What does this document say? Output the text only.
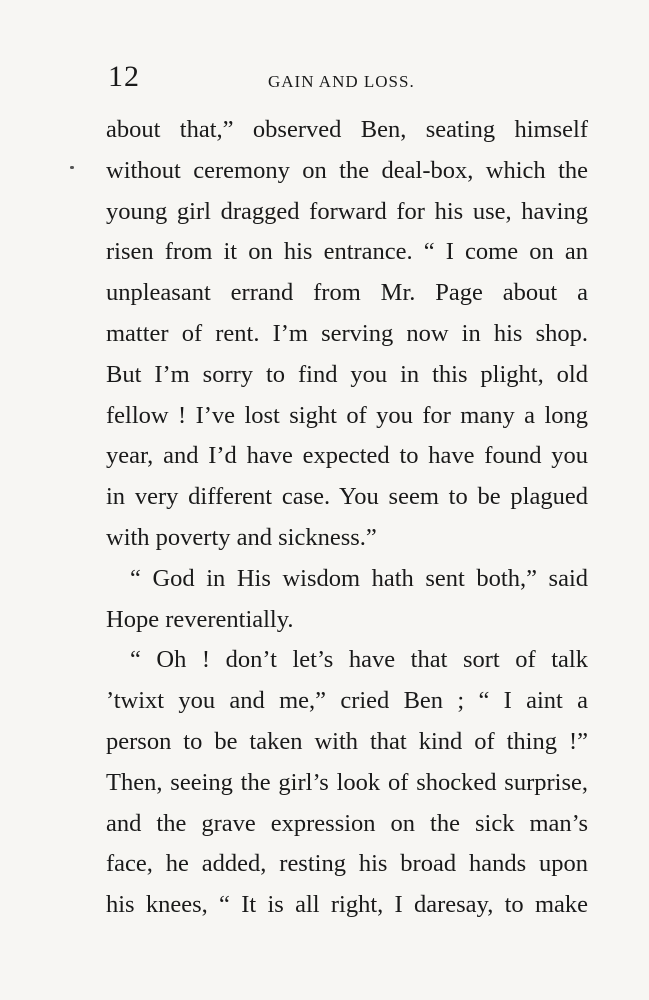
12	GAIN AND LOSS.
about that,” observed Ben, seating himself
without ceremony on the deal-box, which the
young girl dragged forward for his use, having
risen from it on his entrance. “ I come on an
unpleasant errand from Mr. Page about a
matter of rent. I’m serving now in his shop.
But I’m sorry to find you in this plight, old
fellow ! I’ve lost sight of you for many a long
year, and I’d have expected to have found you
in very different case. You seem to be plagued
with poverty and sickness.”
“ God in His wisdom hath sent both,” said
Hope reverentially.
“ Oh ! don’t let’s have that sort of talk
’twixt you and me,” cried Ben ; “ I aint a
person to be taken with that kind of thing !”
Then, seeing the girl’s look of shocked surprise,
and the grave expression on the sick man’s
face, he added, resting his broad hands upon
his knees, “ It is all right, I daresay, to make
